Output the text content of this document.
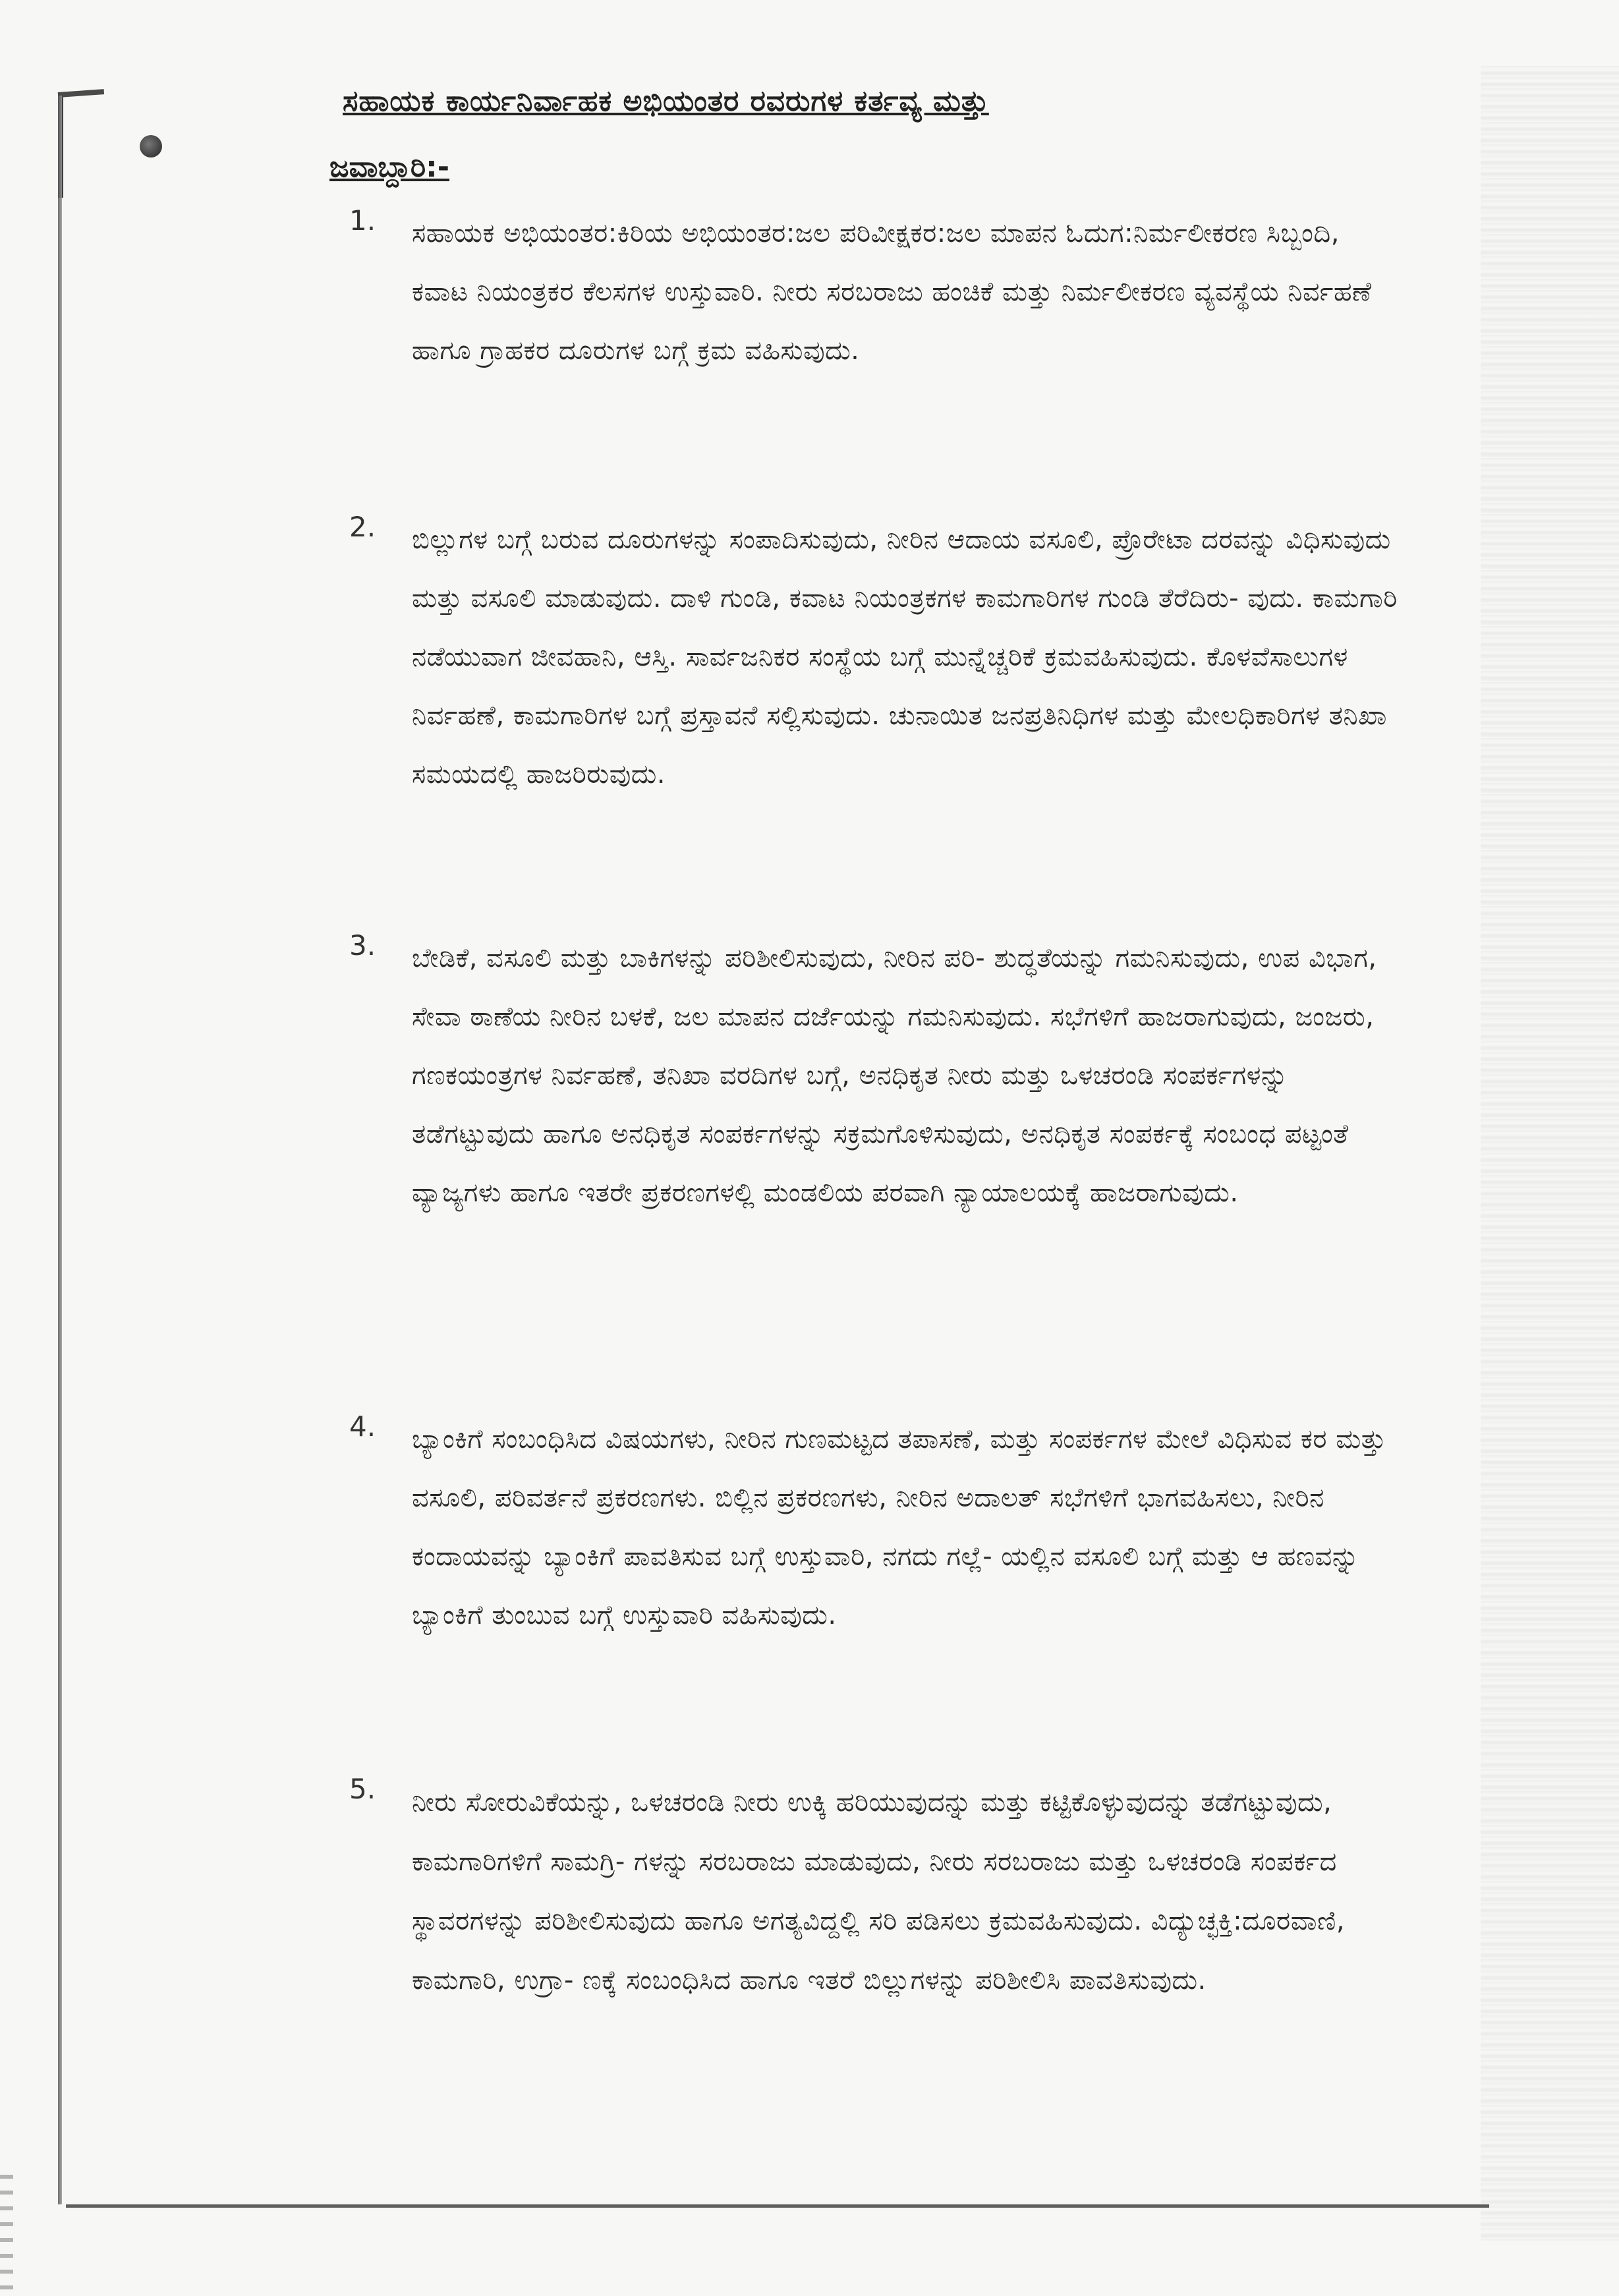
ಸಹಾಯಕ ಕಾರ್ಯನಿರ್ವಾಹಕ ಅಭಿಯಂತರ ರವರುಗಳ ಕರ್ತವ್ಯ ಮತ್ತು
ಜವಾಬ್ದಾರಿ:-
1. ಸಹಾಯಕ ಅಭಿಯಂತರ:ಕಿರಿಯ ಅಭಿಯಂತರ:ಜಲ ಪರಿವೀಕ್ಷಕರ:ಜಲ ಮಾಪನ ಓದುಗ:ನಿರ್ಮಲೀಕರಣ ಸಿಬ್ಬಂದಿ, ಕವಾಟ ನಿಯಂತ್ರಕರ ಕೆಲಸಗಳ ಉಸ್ತುವಾರಿ. ನೀರು ಸರಬರಾಜು ಹಂಚಿಕೆ ಮತ್ತು ನಿರ್ಮಲೀಕರಣ ವ್ಯವಸ್ಥೆಯ ನಿರ್ವಹಣೆ ಹಾಗೂ ಗ್ರಾಹಕರ ದೂರುಗಳ ಬಗ್ಗೆ ಕ್ರಮ ವಹಿಸುವುದು.
2. ಬಿಲ್ಲುಗಳ ಬಗ್ಗೆ ಬರುವ ದೂರುಗಳನ್ನು ಸಂಪಾದಿಸುವುದು, ನೀರಿನ ಆದಾಯ ವಸೂಲಿ, ಪ್ರೊರೇಟಾ ದರವನ್ನು ವಿಧಿಸುವುದು ಮತ್ತು ವಸೂಲಿ ಮಾಡುವುದು. ದಾಳಿ ಗುಂಡಿ, ಕವಾಟ ನಿಯಂತ್ರಕಗಳ ಕಾಮಗಾರಿಗಳ ಗುಂಡಿ ತೆರೆದಿರು- ವುದು. ಕಾಮಗಾರಿ ನಡೆಯುವಾಗ ಜೀವಹಾನಿ, ಆಸ್ತಿ. ಸಾರ್ವಜನಿಕರ ಸಂಸ್ಥೆಯ ಬಗ್ಗೆ ಮುನ್ನೆಚ್ಚರಿಕೆ ಕ್ರಮವಹಿಸುವುದು. ಕೊಳವೆಸಾಲುಗಳ ನಿರ್ವಹಣೆ, ಕಾಮಗಾರಿಗಳ ಬಗ್ಗೆ ಪ್ರಸ್ತಾವನೆ ಸಲ್ಲಿಸುವುದು. ಚುನಾಯಿತ ಜನಪ್ರತಿನಿಧಿಗಳ ಮತ್ತು ಮೇಲಧಿಕಾರಿಗಳ ತನಿಖಾ ಸಮಯದಲ್ಲಿ ಹಾಜರಿರುವುದು.
3. ಬೇಡಿಕೆ, ವಸೂಲಿ ಮತ್ತು ಬಾಕಿಗಳನ್ನು ಪರಿಶೀಲಿಸುವುದು, ನೀರಿನ ಪರಿ- ಶುದ್ಧತೆಯನ್ನು ಗಮನಿಸುವುದು, ಉಪ ವಿಭಾಗ, ಸೇವಾ ಠಾಣೆಯ ನೀರಿನ ಬಳಕೆ, ಜಲ ಮಾಪನ ದರ್ಜೆಯನ್ನು ಗಮನಿಸುವುದು. ಸಭೆಗಳಿಗೆ ಹಾಜರಾಗುವುದು, ಜಂಜರು, ಗಣಕಯಂತ್ರಗಳ ನಿರ್ವಹಣೆ, ತನಿಖಾ ವರದಿಗಳ ಬಗ್ಗೆ, ಅನಧಿಕೃತ ನೀರು ಮತ್ತು ಒಳಚರಂಡಿ ಸಂಪರ್ಕಗಳನ್ನು ತಡೆಗಟ್ಟುವುದು ಹಾಗೂ ಅನಧಿಕೃತ ಸಂಪರ್ಕಗಳನ್ನು ಸಕ್ರಮಗೊಳಿಸುವುದು, ಅನಧಿಕೃತ ಸಂಪರ್ಕಕ್ಕೆ ಸಂಬಂಧ ಪಟ್ಟಂತೆ ವ್ಯಾಜ್ಯಗಳು ಹಾಗೂ ಇತರೇ ಪ್ರಕರಣಗಳಲ್ಲಿ ಮಂಡಲಿಯ ಪರವಾಗಿ ನ್ಯಾಯಾಲಯಕ್ಕೆ ಹಾಜರಾಗುವುದು.
4. ಬ್ಯಾಂಕಿಗೆ ಸಂಬಂಧಿಸಿದ ವಿಷಯಗಳು, ನೀರಿನ ಗುಣಮಟ್ಟದ ತಪಾಸಣೆ, ಮತ್ತು ಸಂಪರ್ಕಗಳ ಮೇಲೆ ವಿಧಿಸುವ ಕರ ಮತ್ತು ವಸೂಲಿ, ಪರಿವರ್ತನೆ ಪ್ರಕರಣಗಳು. ಬಿಲ್ಲಿನ ಪ್ರಕರಣಗಳು, ನೀರಿನ ಅದಾಲತ್ ಸಭೆಗಳಿಗೆ ಭಾಗವಹಿಸಲು, ನೀರಿನ ಕಂದಾಯವನ್ನು ಬ್ಯಾಂಕಿಗೆ ಪಾವತಿಸುವ ಬಗ್ಗೆ ಉಸ್ತುವಾರಿ, ನಗದು ಗಲ್ಲೆ- ಯಲ್ಲಿನ ವಸೂಲಿ ಬಗ್ಗೆ ಮತ್ತು ಆ ಹಣವನ್ನು ಬ್ಯಾಂಕಿಗೆ ತುಂಬುವ ಬಗ್ಗೆ ಉಸ್ತುವಾರಿ ವಹಿಸುವುದು.
5. ನೀರು ಸೋರುವಿಕೆಯನ್ನು, ಒಳಚರಂಡಿ ನೀರು ಉಕ್ಕಿ ಹರಿಯುವುದನ್ನು ಮತ್ತು ಕಟ್ಟಿಕೊಳ್ಳುವುದನ್ನು ತಡೆಗಟ್ಟುವುದು, ಕಾಮಗಾರಿಗಳಿಗೆ ಸಾಮಗ್ರಿ- ಗಳನ್ನು ಸರಬರಾಜು ಮಾಡುವುದು, ನೀರು ಸರಬರಾಜು ಮತ್ತು ಒಳಚರಂಡಿ ಸಂಪರ್ಕದ ಸ್ಥಾವರಗಳನ್ನು ಪರಿಶೀಲಿಸುವುದು ಹಾಗೂ ಅಗತ್ಯವಿದ್ದಲ್ಲಿ ಸರಿ ಪಡಿಸಲು ಕ್ರಮವಹಿಸುವುದು. ವಿದ್ಯುಚ್ಛಕ್ತಿ:ದೂರವಾಣಿ, ಕಾಮಗಾರಿ, ಉಗ್ರಾ- ಣಕ್ಕೆ ಸಂಬಂಧಿಸಿದ ಹಾಗೂ ಇತರೆ ಬಿಲ್ಲುಗಳನ್ನು ಪರಿಶೀಲಿಸಿ ಪಾವತಿಸುವುದು.
